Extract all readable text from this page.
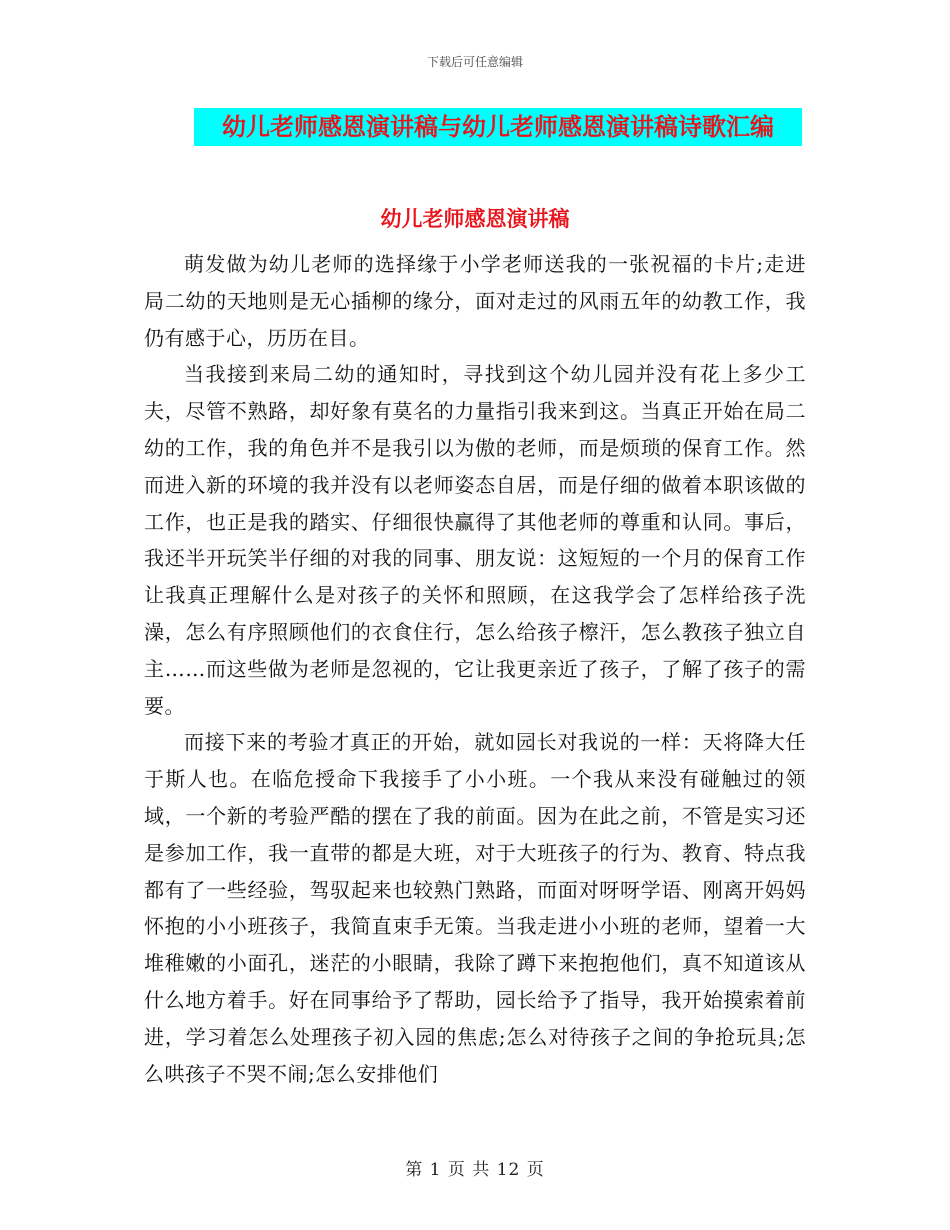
下载后可任意编辑
幼儿老师感恩演讲稿与幼儿老师感恩演讲稿诗歌汇编
幼儿老师感恩演讲稿

萌发做为幼儿老师的选择缘于小学老师送我的一张祝福的卡片;走进局二幼的天地则是无心插柳的缘分，面对走过的风雨五年的幼教工作，我仍有感于心，历历在目。

当我接到来局二幼的通知时，寻找到这个幼儿园并没有花上多少工夫，尽管不熟路，却好象有莫名的力量指引我来到这。当真正开始在局二幼的工作，我的角色并不是我引以为傲的老师，而是烦琐的保育工作。然而进入新的环境的我并没有以老师姿态自居，而是仔细的做着本职该做的工作，也正是我的踏实、仔细很快赢得了其他老师的尊重和认同。事后，我还半开玩笑半仔细的对我的同事、朋友说：这短短的一个月的保育工作让我真正理解什么是对孩子的关怀和照顾，在这我学会了怎样给孩子洗澡，怎么有序照顾他们的衣食住行，怎么给孩子檫汗，怎么教孩子独立自主……而这些做为老师是忽视的，它让我更亲近了孩子，了解了孩子的需要。

而接下来的考验才真正的开始，就如园长对我说的一样：天将降大任于斯人也。在临危授命下我接手了小小班。一个我从来没有碰触过的领域，一个新的考验严酷的摆在了我的前面。因为在此之前，不管是实习还是参加工作，我一直带的都是大班，对于大班孩子的行为、教育、特点我都有了一些经验，驾驭起来也较熟门熟路，而面对呀呀学语、刚离开妈妈怀抱的小小班孩子，我简直束手无策。当我走进小小班的老师，望着一大堆稚嫩的小面孔，迷茫的小眼睛，我除了蹲下来抱抱他们，真不知道该从什么地方着手。好在同事给予了帮助，园长给予了指导，我开始摸索着前进，学习着怎么处理孩子初入园的焦虑;怎么对待孩子之间的争抢玩具;怎么哄孩子不哭不闹;怎么安排他们

第 1 页 共 12 页
